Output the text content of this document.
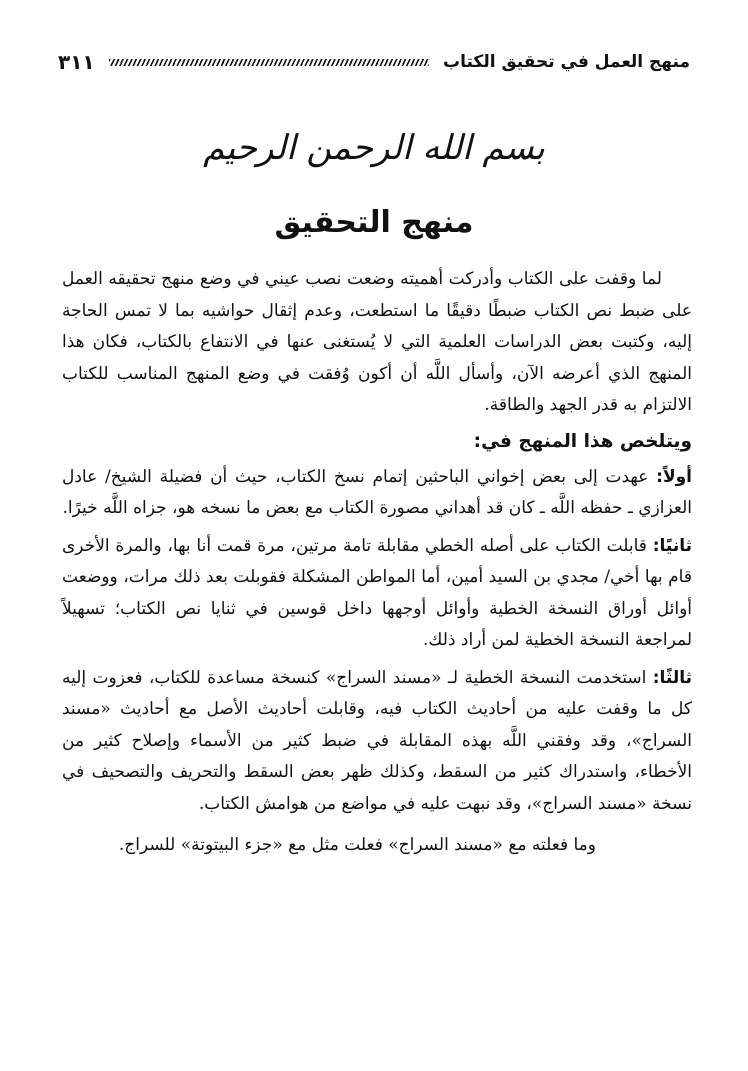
منهج العمل في تحقيق الكتاب
٣١١
بسم الله الرحمن الرحيم
منهج التحقيق

لما وقفت على الكتاب وأدركت أهميته وضعت نصب عيني في وضع منهج تحقيقه العمل على ضبط نص الكتاب ضبطًا دقيقًا ما استطعت، وعدم إثقال حواشيه بما لا تمس الحاجة إليه، وكتبت بعض الدراسات العلمية التي لا يُستغنى عنها في الانتفاع بالكتاب، فكان هذا المنهج الذي أعرضه الآن، وأسأل اللَّه أن أكون وُفقت في وضع المنهج المناسب للكتاب الالتزام به قدر الجهد والطاقة.

ويتلخص هذا المنهج في:

أولاً: عهدت إلى بعض إخواني الباحثين إتمام نسخ الكتاب، حيث أن فضيلة الشيخ/ عادل العزازي ـ حفظه اللَّه ـ كان قد أهداني مصورة الكتاب مع بعض ما نسخه هو، جزاه اللَّه خيرًا.

ثانيًا: قابلت الكتاب على أصله الخطي مقابلة تامة مرتين، مرة قمت أنا بها، والمرة الأخرى قام بها أخي/ مجدي بن السيد أمين، أما المواطن المشكلة فقوبلت بعد ذلك مرات، ووضعت أوائل أوراق النسخة الخطية وأوائل أوجهها داخل قوسين في ثنايا نص الكتاب؛ تسهيلاً لمراجعة النسخة الخطية لمن أراد ذلك.

ثالثًا: استخدمت النسخة الخطية لـ «مسند السراج» كنسخة مساعدة للكتاب، فعزوت إليه كل ما وقفت عليه من أحاديث الكتاب فيه، وقابلت أحاديث الأصل مع أحاديث «مسند السراج»، وقد وفقني اللَّه بهذه المقابلة في ضبط كثير من الأسماء وإصلاح كثير من الأخطاء، واستدراك كثير من السقط، وكذلك ظهر بعض السقط والتحريف والتصحيف في نسخة «مسند السراج»، وقد نبهت عليه في مواضع من هوامش الكتاب.

وما فعلته مع «مسند السراج» فعلت مثل مع «جزء البيتوتة» للسراج.
